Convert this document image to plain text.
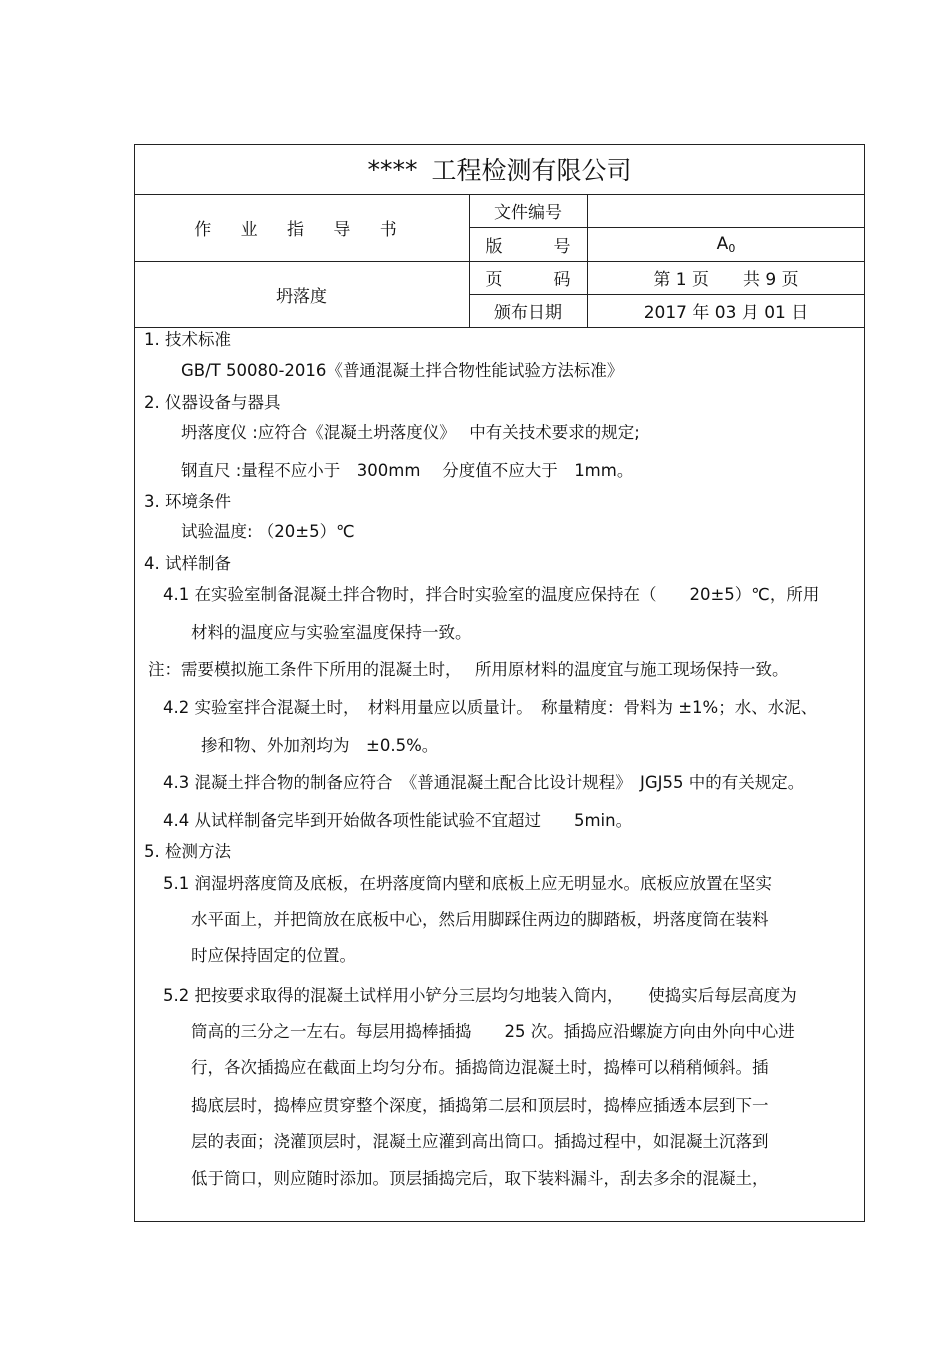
**** 工程检测有限公司
作 业 指 导 书
文件编号
版　　　号	A 0
坍落度
页　　　码	第 1 页　　共 9 页
颁布日期	2017 年 03 月 01 日
1. 技术标准
GB/T 50080-2016《普通混凝土拌合物性能试验方法标准》
2. 仪器设备与器具
坍落度仪 :应符合《混凝土坍落度仪》　 中有关技术要求的规定;
钢直尺 :量程不应小于　300mm　 分度值不应大于　1mm。
3. 环境条件
试验温度: （20±5）℃
4. 试样制备
4.1 在实验室制备混凝土拌合物时，拌合时实验室的温度应保持在（　　20±5）℃，所用
材料的温度应与实验室温度保持一致。
注：需要模拟施工条件下所用的混凝土时，　 所用原材料的温度宜与施工现场保持一致。
4.2 实验室拌合混凝土时，　材料用量应以质量计。　称量精度：骨料为 ±1%；水、水泥、
掺和物、外加剂均为　±0.5%。
4.3 混凝土拌合物的制备应符合　《普通混凝土配合比设计规程》　JGJ55 中的有关规定。
4.4 从试样制备完毕到开始做各项性能试验不宜超过　　5min。
5. 检测方法
5.1 润湿坍落度筒及底板，在坍落度筒内壁和底板上应无明显水。底板应放置在坚实
水平面上，并把筒放在底板中心，然后用脚踩住两边的脚踏板，坍落度筒在装料
时应保持固定的位置。
5.2 把按要求取得的混凝土试样用小铲分三层均匀地装入筒内，　　使捣实后每层高度为
筒高的三分之一左右。每层用捣棒插捣　　25 次。插捣应沿螺旋方向由外向中心进
行，各次插捣应在截面上均匀分布。插捣筒边混凝土时，捣棒可以稍稍倾斜。插
捣底层时，捣棒应贯穿整个深度，插捣第二层和顶层时，捣棒应插透本层到下一
层的表面；浇灌顶层时，混凝土应灌到高出筒口。插捣过程中，如混凝土沉落到
低于筒口，则应随时添加。顶层插捣完后，取下装料漏斗，刮去多余的混凝土，
